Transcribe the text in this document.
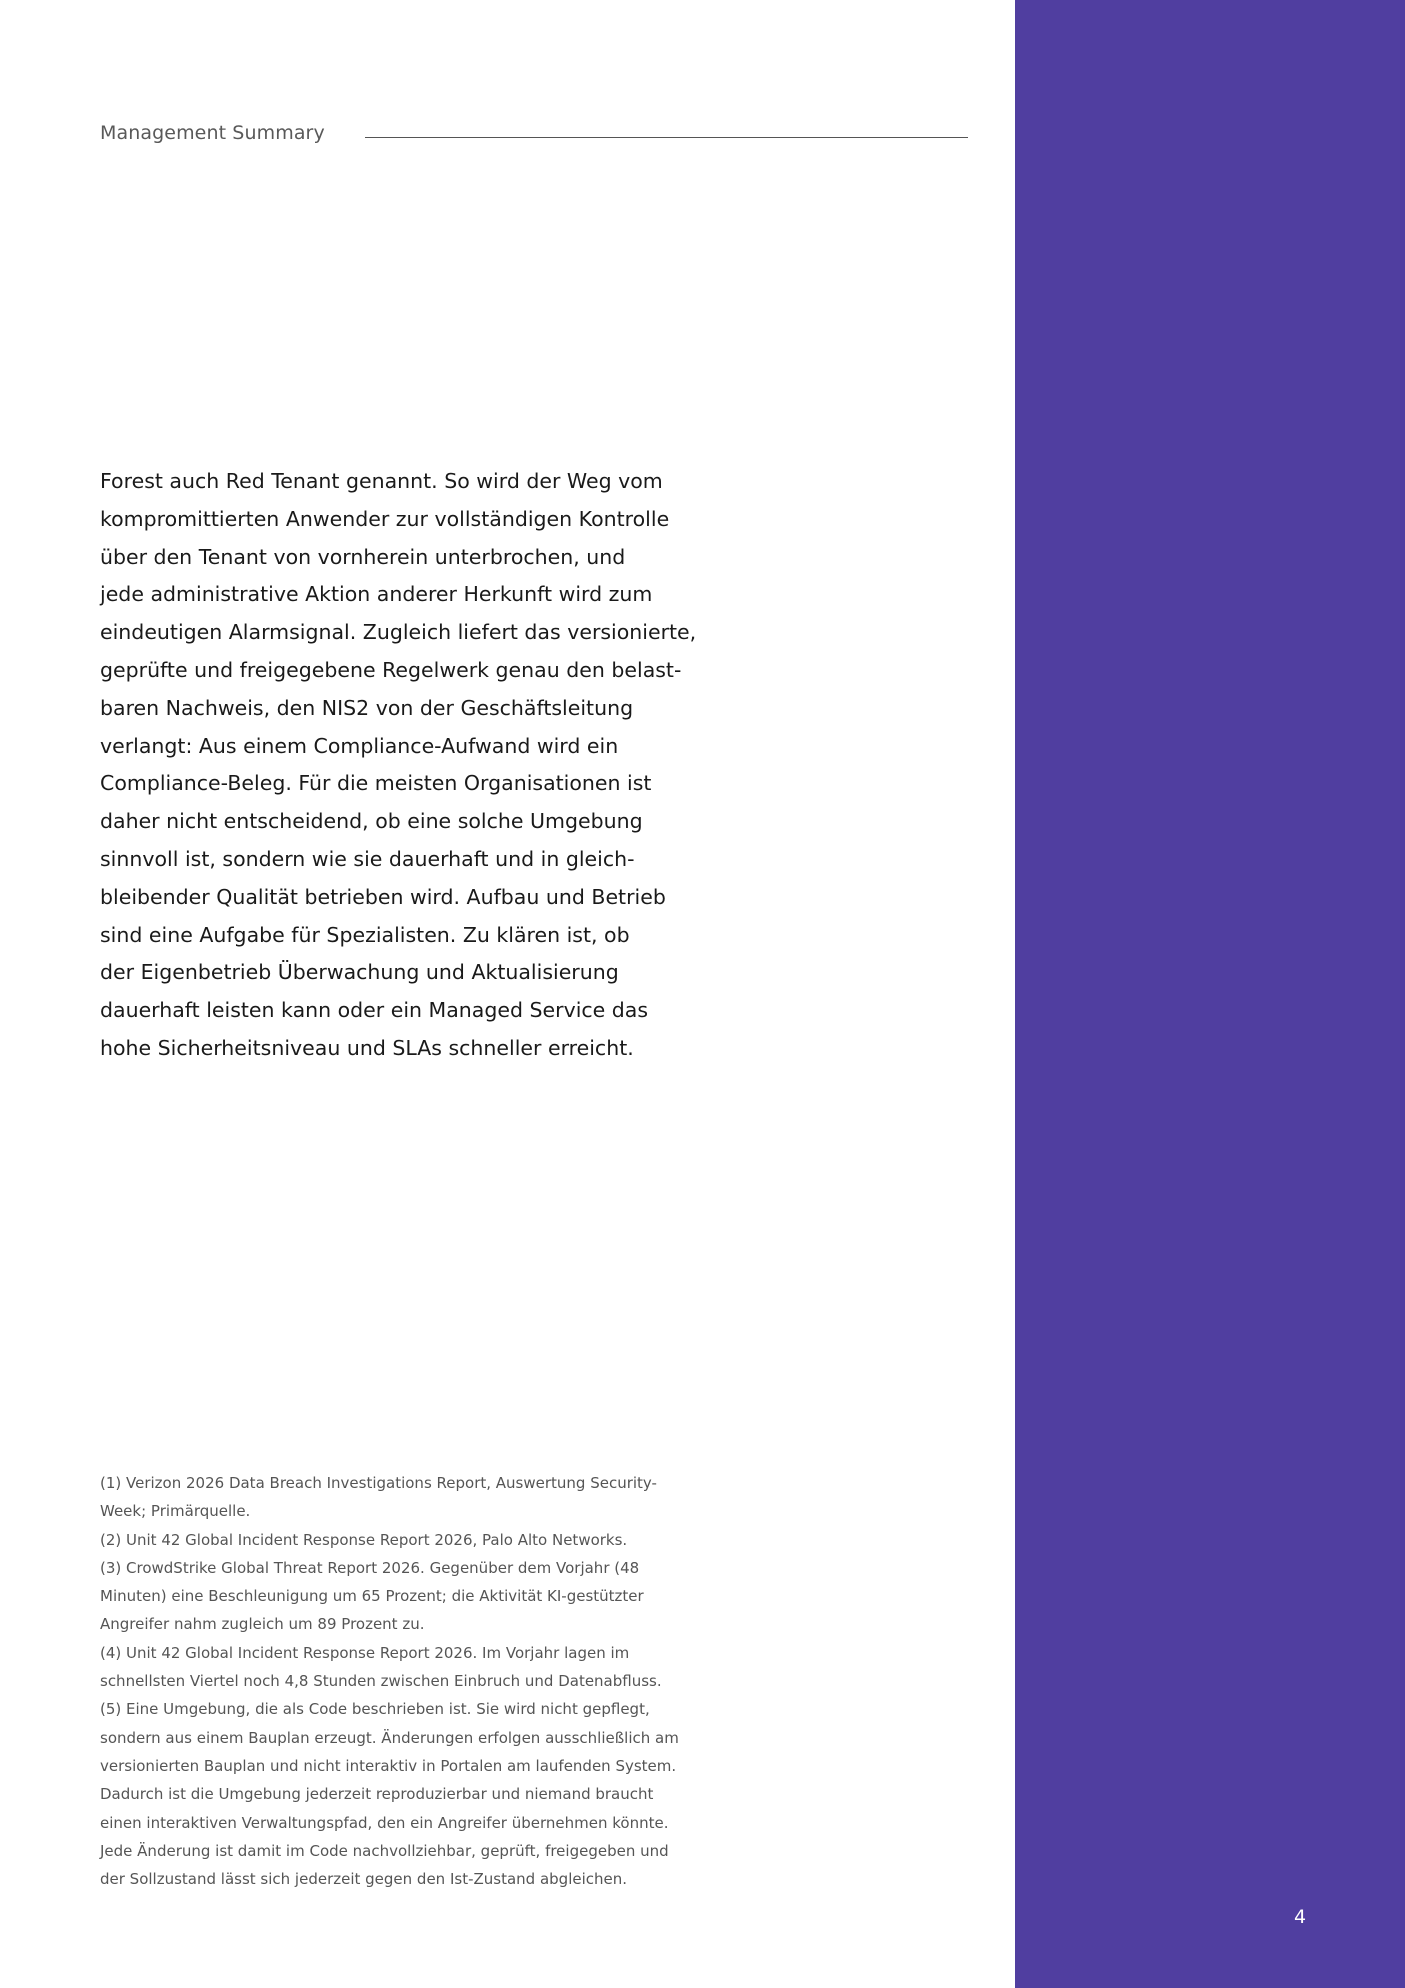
Management Summary
Forest auch Red Tenant genannt. So wird der Weg vom
kompromittierten Anwender zur vollständigen Kontrolle
über den Tenant von vornherein unterbrochen, und
jede administrative Aktion anderer Herkunft wird zum
eindeutigen Alarmsignal. Zugleich liefert das versionierte,
geprüfte und freigegebene Regelwerk genau den belast-
baren Nachweis, den NIS2 von der Geschäftsleitung
verlangt: Aus einem Compliance-Aufwand wird ein
Compliance-Beleg. Für die meisten Organisationen ist
daher nicht entscheidend, ob eine solche Umgebung
sinnvoll ist, sondern wie sie dauerhaft und in gleich-
bleibender Qualität betrieben wird. Aufbau und Betrieb
sind eine Aufgabe für Spezialisten. Zu klären ist, ob
der Eigenbetrieb Überwachung und Aktualisierung
dauerhaft leisten kann oder ein Managed Service das
hohe Sicherheitsniveau und SLAs schneller erreicht.
(1) Verizon 2026 Data Breach Investigations Report, Auswertung Security-
Week; Primärquelle.
(2) Unit 42 Global Incident Response Report 2026, Palo Alto Networks.
(3) CrowdStrike Global Threat Report 2026. Gegenüber dem Vorjahr (48
Minuten) eine Beschleunigung um 65 Prozent; die Aktivität KI-gestützter
Angreifer nahm zugleich um 89 Prozent zu.
(4) Unit 42 Global Incident Response Report 2026. Im Vorjahr lagen im
schnellsten Viertel noch 4,8 Stunden zwischen Einbruch und Datenabfluss.
(5) Eine Umgebung, die als Code beschrieben ist. Sie wird nicht gepflegt,
sondern aus einem Bauplan erzeugt. Änderungen erfolgen ausschließlich am
versionierten Bauplan und nicht interaktiv in Portalen am laufenden System.
Dadurch ist die Umgebung jederzeit reproduzierbar und niemand braucht
einen interaktiven Verwaltungspfad, den ein Angreifer übernehmen könnte.
Jede Änderung ist damit im Code nachvollziehbar, geprüft, freigegeben und
der Sollzustand lässt sich jederzeit gegen den Ist-Zustand abgleichen.
4
